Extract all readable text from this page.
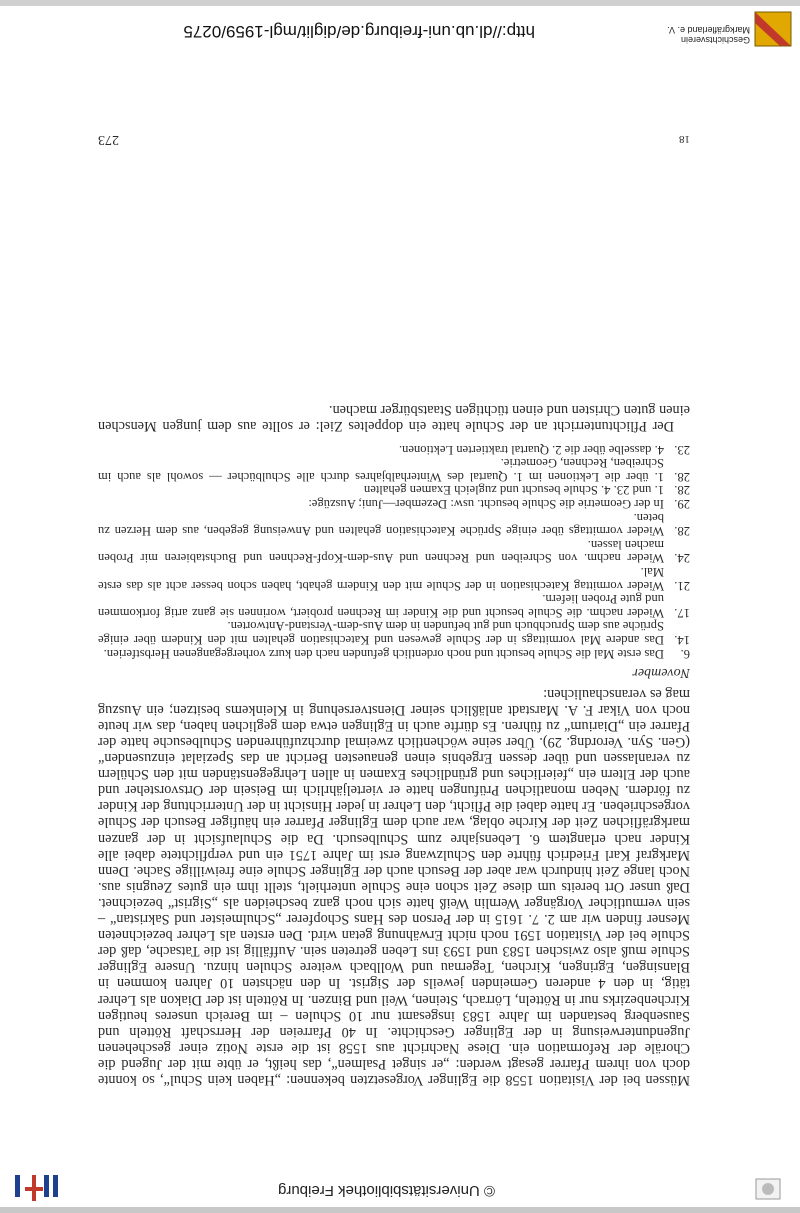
© Universitätsbibliothek Freiburg

Müssen bei der Visitation 1558 die Eglinger Vorgesetzten bekennen: „Haben kein Schul“, so konnte doch von ihrem Pfarrer gesagt werden: „er singet Psalmen“, das heißt, er übte mit der Jugend die Choräle der Reformation ein. Diese Nachricht aus 1558 ist die erste Notiz einer geschehenen Jugendunterweisung in der Eglinger Geschichte. In 40 Pfarreien der Herrschaft Rötteln und Sausenberg bestanden im Jahre 1583 insgesamt nur 10 Schulen – im Bereich unseres heutigen Kirchenbezirks nur in Rötteln, Lörrach, Steinen, Weil und Binzen. In Rötteln ist der Diakon als Lehrer tätig, in den 4 anderen Gemeinden jeweils der Sigrist. In den nächsten 10 Jahren kommen in Blansingen, Egringen, Kirchen, Tegernau und Wollbach weitere Schulen hinzu. Unsere Eglinger Schule muß also zwischen 1583 und 1593 ins Leben getreten sein. Auffällig ist die Tatsache, daß der Schule bei der Visitation 1591 noch nicht Erwähnung getan wird. Den ersten als Lehrer bezeichneten Mesner finden wir am 2. 7. 1615 in der Person des Hans Schopferer „Schulmeister und Sakristan“ – sein vermutlicher Vorgänger Wernlin Weiß hatte sich noch ganz bescheiden als „Sigrist“ bezeichnet. Daß unser Ort bereits um diese Zeit schon eine Schule unterhielt, stellt ihm ein gutes Zeugnis aus. Noch lange Zeit hindurch war aber der Besuch auch der Eglinger Schule eine freiwillige Sache. Denn Markgraf Karl Friedrich führte den Schulzwang erst im Jahre 1751 ein und verpflichtete dabei alle Kinder nach erlangtem 6. Lebensjahre zum Schulbesuch. Da die Schulaufsicht in der ganzen markgräflichen Zeit der Kirche oblag, war auch dem Eglinger Pfarrer ein häufiger Besuch der Schule vorgeschrieben. Er hatte dabei die Pflicht, den Lehrer in jeder Hinsicht in der Unterrichtung der Kinder zu fördern. Neben monatlichen Prüfungen hatte er vierteljährlich im Beisein der Ortsvorsteher und auch der Eltern ein „feierliches und gründliches Examen in allen Lehrgegenständen mit den Schülern zu veranlassen und über dessen Ergebnis einen genauesten Bericht an das Spezialat einzusenden“ (Gen. Syn. Verordng. 29). Über seine wöchentlich zweimal durchzuführenden Schulbesuche hatte der Pfarrer ein „Diarium“ zu führen. Es dürfte auch in Eglingen etwa dem geglichen haben, das wir heute noch von Vikar F. A. Marstadt anläßlich seiner Dienstversehung in Kleinkems besitzen; ein Auszug mag es veranschaulichen:

November
6.
Das erste Mal die Schule besucht und noch ordentlich gefunden nach den kurz vorhergegangenen Herbstferien.
14.
Das andere Mal vormittags in der Schule gewesen und Katechisation gehalten mit den Kindern über einige Sprüche aus dem Spruchbuch und gut befunden in dem Aus-dem-Verstand-Antworten.
17.
Wieder nachm. die Schule besucht und die Kinder im Rechnen probiert, worinnen sie ganz artig fortkommen und gute Proben liefern.
21.
Wieder vormittag Katechisation in der Schule mit den Kindern gehabt, haben schon besser acht als das erste Mal.
24.
Wieder nachm. von Schreiben und Rechnen und Aus-dem-Kopf-Rechnen und Buchstabieren mir Proben machen lassen.
28.
Wieder vormittags über einige Sprüche Katechisation gehalten und Anweisung gegeben, aus dem Herzen zu beten.
29.
In der Geometrie die Schule besucht. usw: Dezember—Juni; Auszüge:
28.
1. und 23. 4. Schule besucht und zugleich Examen gehalten
28.
1. über die Lektionen im 1. Quartal des Winterhalbjahres durch alle Schulbücher — sowohl als auch im Schreiben, Rechnen, Geometrie.
23.
4. dasselbe über die 2. Quartal traktierten Lektionen.

Der Pflichtunterricht an der Schule hatte ein doppeltes Ziel: er sollte aus dem jungen Menschen einen guten Christen und einen tüchtigen Staatsbürger machen.

18
273
Geschichtsverein
Markgräflerland e. V.
http://dl.ub.uni-freiburg.de/diglit/mgl-1959/0275
